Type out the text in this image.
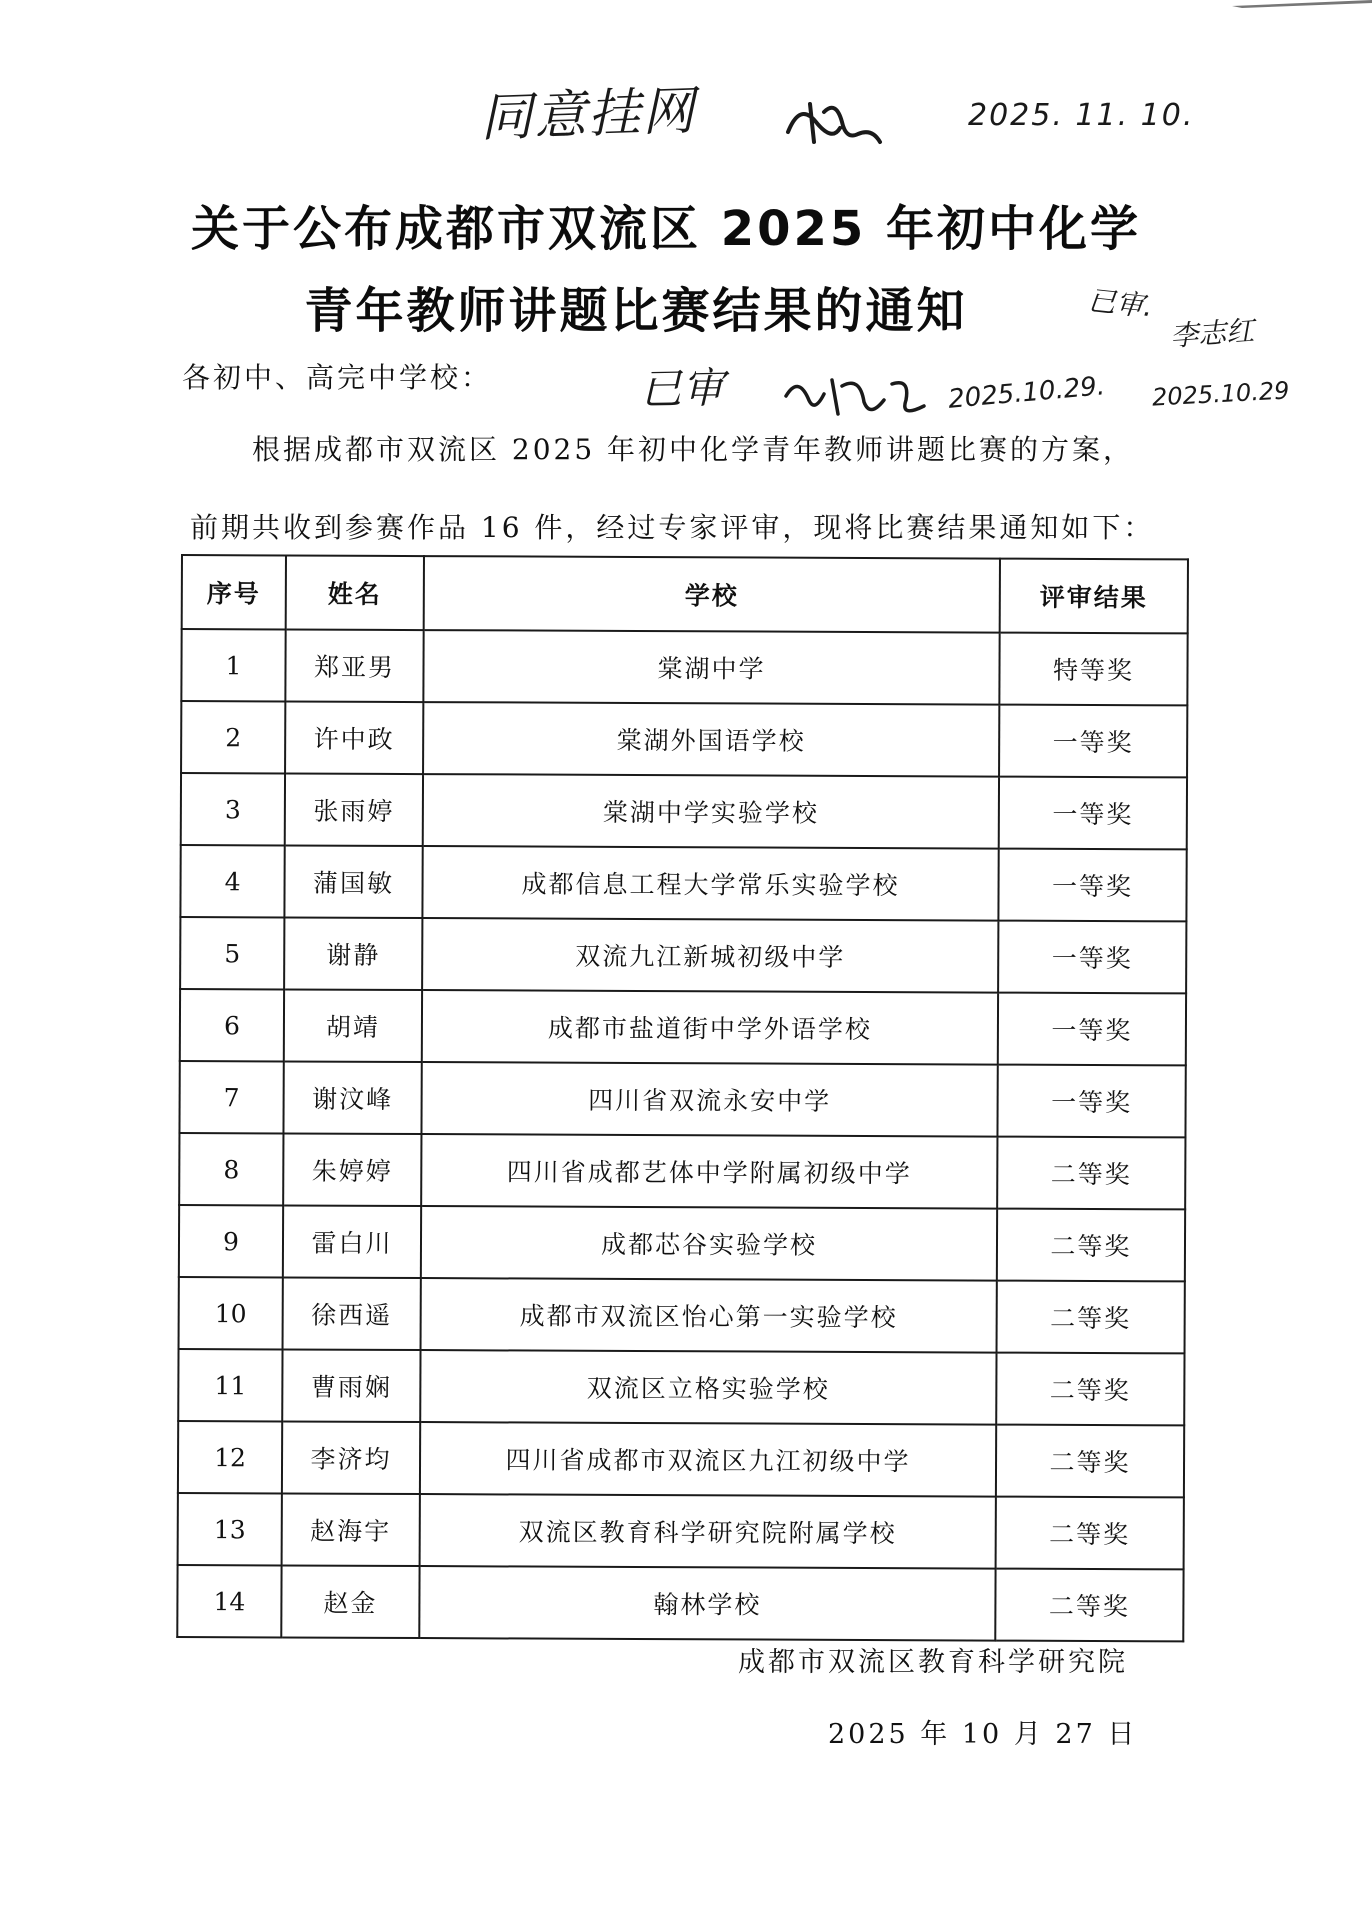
同意挂网	2025. 11. 10.
关于公布成都市双流区 2025 年初中化学
青年教师讲题比赛结果的通知	已审.
李志红
2025.10.29
各初中、高完中学校：	已审	2025.10.29.
根据成都市双流区 2025 年初中化学青年教师讲题比赛的方案，
前期共收到参赛作品 16 件，经过专家评审，现将比赛结果通知如下：
序号	姓名	学校	评审结果
1	郑亚男	棠湖中学	特等奖
2	许中政	棠湖外国语学校	一等奖
3	张雨婷	棠湖中学实验学校	一等奖
4	蒲国敏	成都信息工程大学常乐实验学校	一等奖
5	谢静	双流九江新城初级中学	一等奖
6	胡靖	成都市盐道街中学外语学校	一等奖
7	谢汶峰	四川省双流永安中学	一等奖
8	朱婷婷	四川省成都艺体中学附属初级中学	二等奖
9	雷白川	成都芯谷实验学校	二等奖
10	徐西遥	成都市双流区怡心第一实验学校	二等奖
11	曹雨娴	双流区立格实验学校	二等奖
12	李济均	四川省成都市双流区九江初级中学	二等奖
13	赵海宇	双流区教育科学研究院附属学校	二等奖
14	赵金	翰林学校	二等奖
成都市双流区教育科学研究院
2025 年 10 月 27 日
